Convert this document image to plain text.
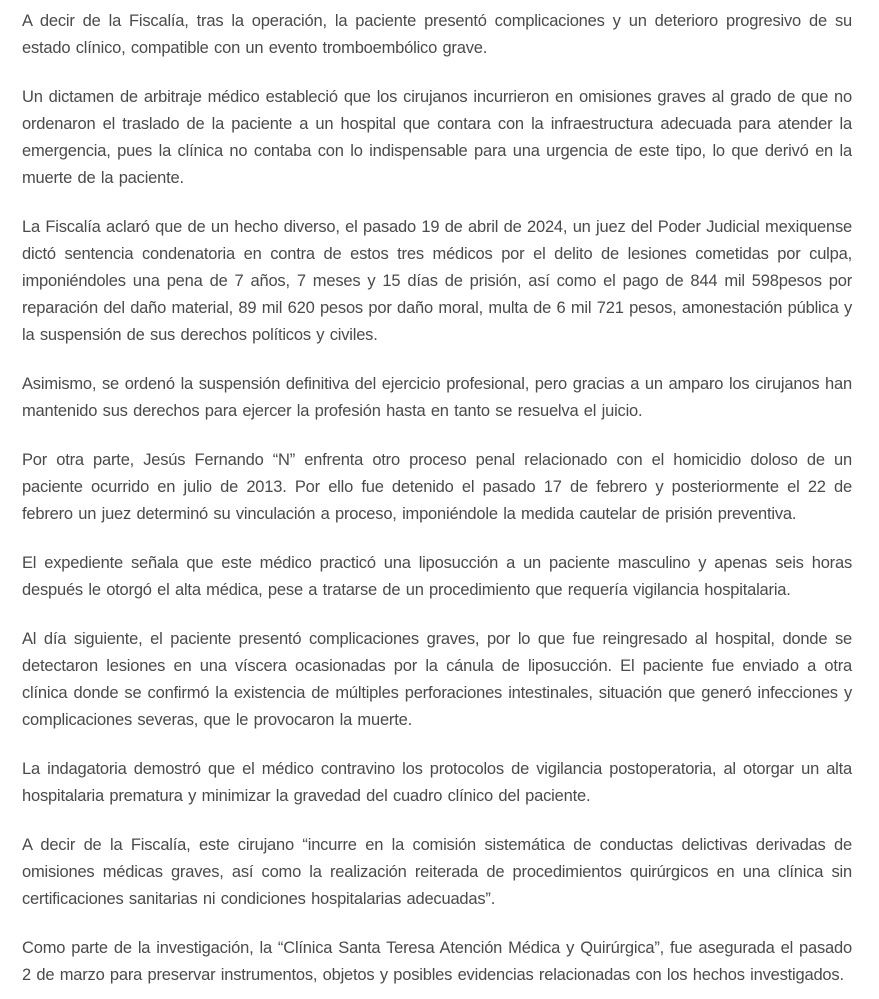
A decir de la Fiscalía, tras la operación, la paciente presentó complicaciones y un deterioro progresivo de su estado clínico, compatible con un evento tromboembólico grave.

Un dictamen de arbitraje médico estableció que los cirujanos incurrieron en omisiones graves al grado de que no ordenaron el traslado de la paciente a un hospital que contara con la infraestructura adecuada para atender la emergencia, pues la clínica no contaba con lo indispensable para una urgencia de este tipo, lo que derivó en la muerte de la paciente.

La Fiscalía aclaró que de un hecho diverso, el pasado 19 de abril de 2024, un juez del Poder Judicial mexiquense dictó sentencia condenatoria en contra de estos tres médicos por el delito de lesiones cometidas por culpa, imponiéndoles una pena de 7 años, 7 meses y 15 días de prisión, así como el pago de 844 mil 598pesos por reparación del daño material, 89 mil 620 pesos por daño moral, multa de 6 mil 721 pesos, amonestación pública y la suspensión de sus derechos políticos y civiles.

Asimismo, se ordenó la suspensión definitiva del ejercicio profesional, pero gracias a un amparo los cirujanos han mantenido sus derechos para ejercer la profesión hasta en tanto se resuelva el juicio.

Por otra parte, Jesús Fernando “N” enfrenta otro proceso penal relacionado con el homicidio doloso de un paciente ocurrido en julio de 2013. Por ello fue detenido el pasado 17 de febrero y posteriormente el 22 de febrero un juez determinó su vinculación a proceso, imponiéndole la medida cautelar de prisión preventiva.

El expediente señala que este médico practicó una liposucción a un paciente masculino y apenas seis horas después le otorgó el alta médica, pese a tratarse de un procedimiento que requería vigilancia hospitalaria.

Al día siguiente, el paciente presentó complicaciones graves, por lo que fue reingresado al hospital, donde se detectaron lesiones en una víscera ocasionadas por la cánula de liposucción. El paciente fue enviado a otra clínica donde se confirmó la existencia de múltiples perforaciones intestinales, situación que generó infecciones y complicaciones severas, que le provocaron la muerte.

La indagatoria demostró que el médico contravino los protocolos de vigilancia postoperatoria, al otorgar un alta hospitalaria prematura y minimizar la gravedad del cuadro clínico del paciente.

A decir de la Fiscalía, este cirujano “incurre en la comisión sistemática de conductas delictivas derivadas de omisiones médicas graves, así como la realización reiterada de procedimientos quirúrgicos en una clínica sin certificaciones sanitarias ni condiciones hospitalarias adecuadas”.

Como parte de la investigación, la “Clínica Santa Teresa Atención Médica y Quirúrgica”, fue asegurada el pasado 2 de marzo para preservar instrumentos, objetos y posibles evidencias relacionadas con los hechos investigados.
